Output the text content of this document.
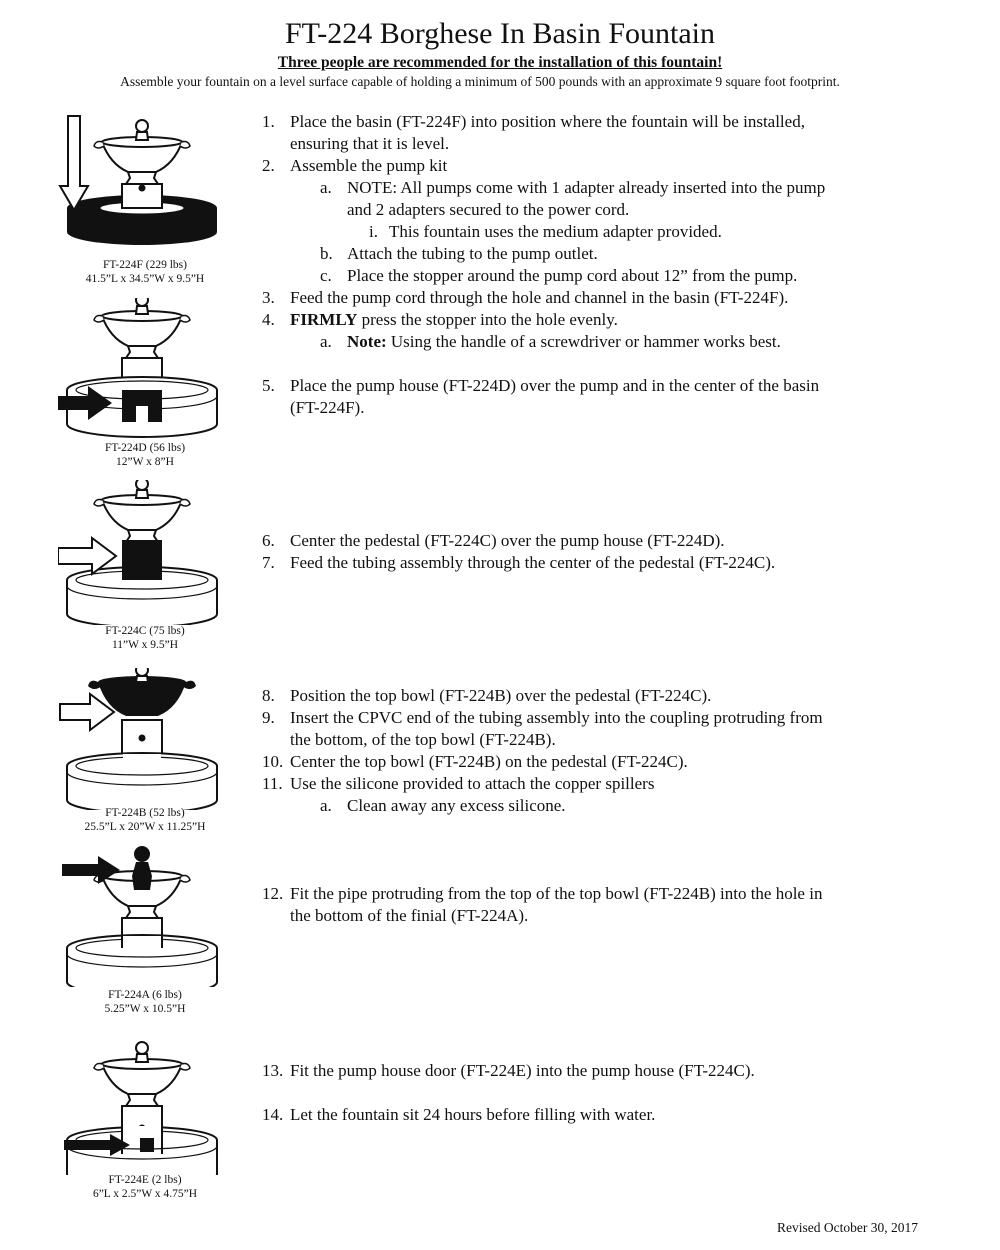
FT-224 Borghese In Basin Fountain
Three people are recommended for the installation of this fountain!
Assemble your fountain on a level surface capable of holding a minimum of 500 pounds with an approximate 9 square foot footprint.
FT-224F (229 lbs)
41.5”L x 34.5”W x 9.5”H
FT-224D (56 lbs)
12”W x 8”H
FT-224C (75 lbs)
11”W x 9.5”H
FT-224B (52 lbs)
25.5”L x 20”W x 11.25”H
FT-224A (6 lbs)
5.25”W x 10.5”H
FT-224E (2 lbs)
6”L x 2.5”W x 4.75”H
1. Place the basin (FT-224F) into position where the fountain will be installed,
ensuring that it is level.
2. Assemble the pump kit
a. NOTE: All pumps come with 1 adapter already inserted into the pump
and 2 adapters secured to the power cord.
i. This fountain uses the medium adapter provided.
b. Attach the tubing to the pump outlet.
c. Place the stopper around the pump cord about 12” from the pump.
3. Feed the pump cord through the hole and channel in the basin (FT-224F).
4. FIRMLY press the stopper into the hole evenly.
a. Note: Using the handle of a screwdriver or hammer works best.
5. Place the pump house (FT-224D) over the pump and in the center of the basin
(FT-224F).
6. Center the pedestal (FT-224C) over the pump house (FT-224D).
7. Feed the tubing assembly through the center of the pedestal (FT-224C).
8. Position the top bowl (FT-224B) over the pedestal (FT-224C).
9. Insert the CPVC end of the tubing assembly into the coupling protruding from
the bottom, of the top bowl (FT-224B).
10. Center the top bowl (FT-224B) on the pedestal (FT-224C).
11. Use the silicone provided to attach the copper spillers
a. Clean away any excess silicone.
12. Fit the pipe protruding from the top of the top bowl (FT-224B) into the hole in
the bottom of the finial (FT-224A).
13. Fit the pump house door (FT-224E) into the pump house (FT-224C).
14. Let the fountain sit 24 hours before filling with water.
Revised October 30, 2017
